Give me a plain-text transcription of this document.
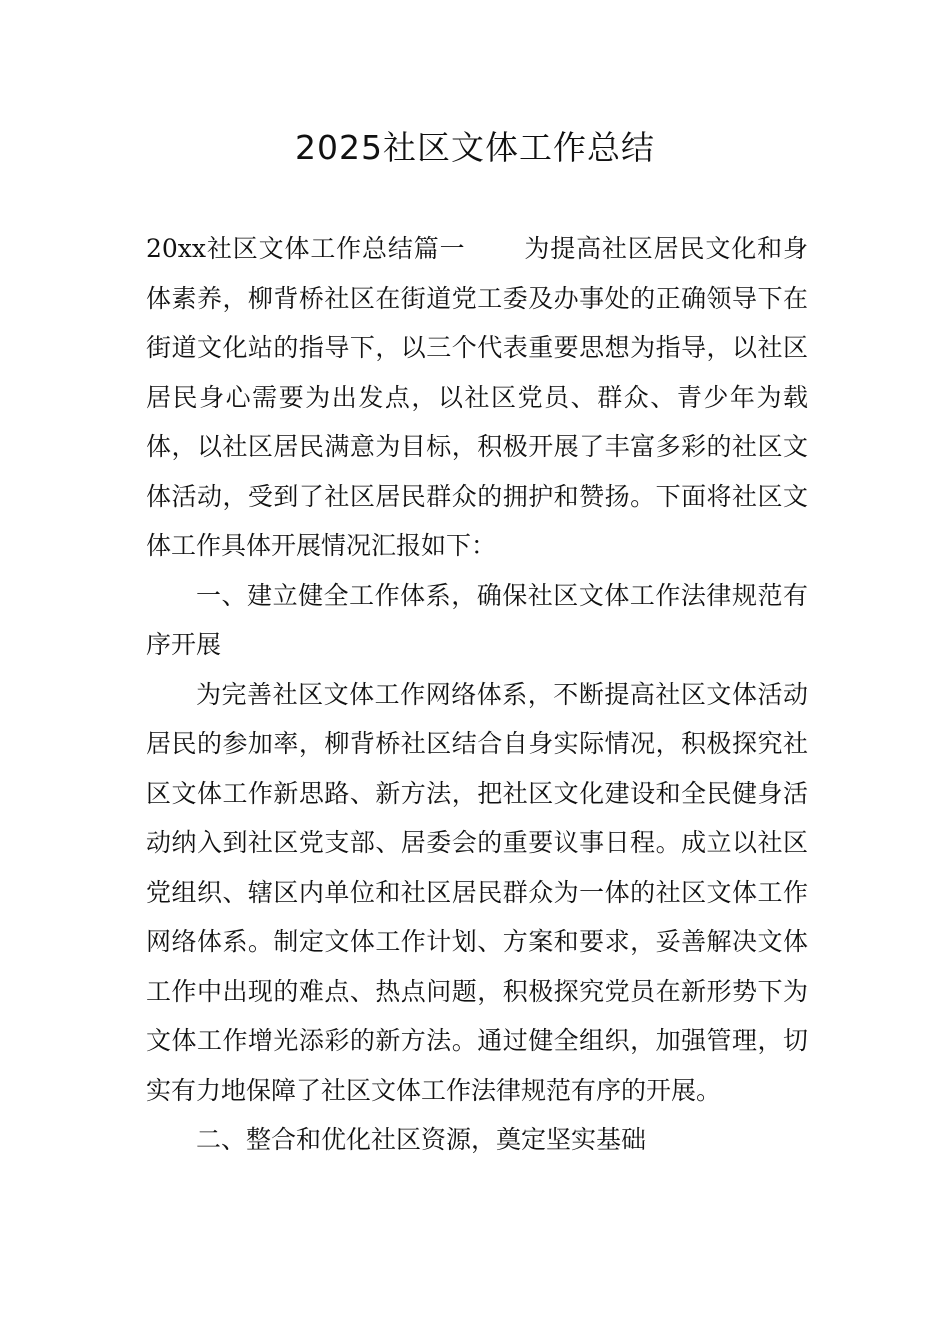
2025社区文体工作总结

20xx社区文体工作总结篇一 为提高社区居民文化和身体素养，柳背桥社区在街道党工委及办事处的正确领导下在街道文化站的指导下，以三个代表重要思想为指导，以社区居民身心需要为出发点，以社区党员、群众、青少年为载体，以社区居民满意为目标，积极开展了丰富多彩的社区文体活动，受到了社区居民群众的拥护和赞扬。下面将社区文体工作具体开展情况汇报如下：

一、建立健全工作体系，确保社区文体工作法律规范有序开展

为完善社区文体工作网络体系，不断提高社区文体活动居民的参加率，柳背桥社区结合自身实际情况，积极探究社区文体工作新思路、新方法，把社区文化建设和全民健身活动纳入到社区党支部、居委会的重要议事日程。成立以社区党组织、辖区内单位和社区居民群众为一体的社区文体工作网络体系。制定文体工作计划、方案和要求，妥善解决文体工作中出现的难点、热点问题，积极探究党员在新形势下为文体工作增光添彩的新方法。通过健全组织，加强管理，切实有力地保障了社区文体工作法律规范有序的开展。

二、整合和优化社区资源，奠定坚实基础
